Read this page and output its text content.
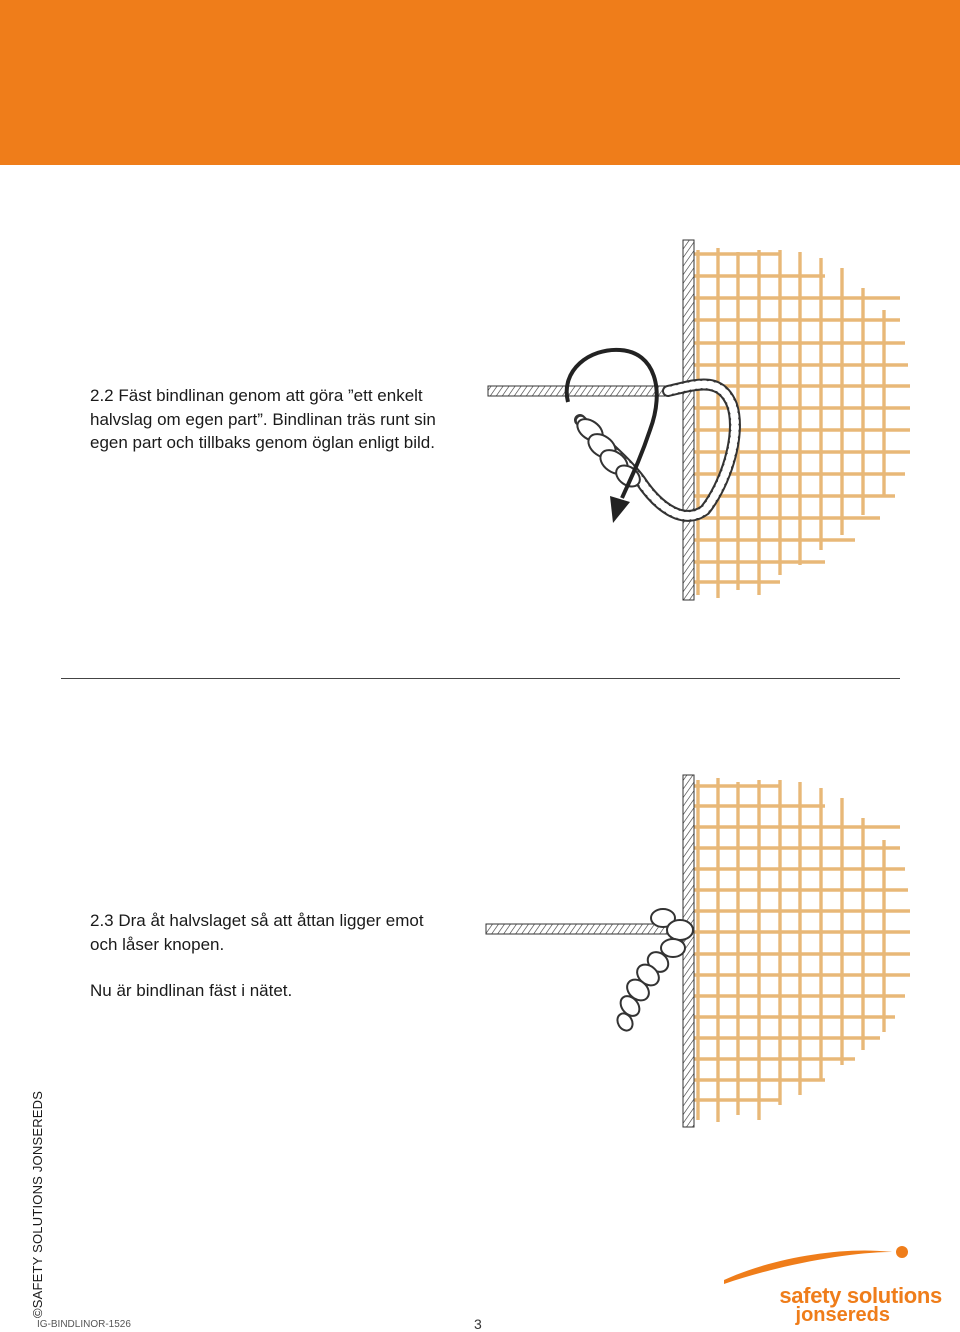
2.2 Fäst bindlinan genom att göra ”ett enkelt

halvslag om egen part”. Bindlinan träs runt sin

egen part och tillbaks genom öglan enligt bild.

2.3 Dra åt halvslaget så att åttan ligger emot

och låser knopen.

Nu är bindlinan fäst i nätet.

©SAFETY SOLUTIONS JONSEREDS
IG-BINDLINOR-1526	3
safety solutions
jonsereds
